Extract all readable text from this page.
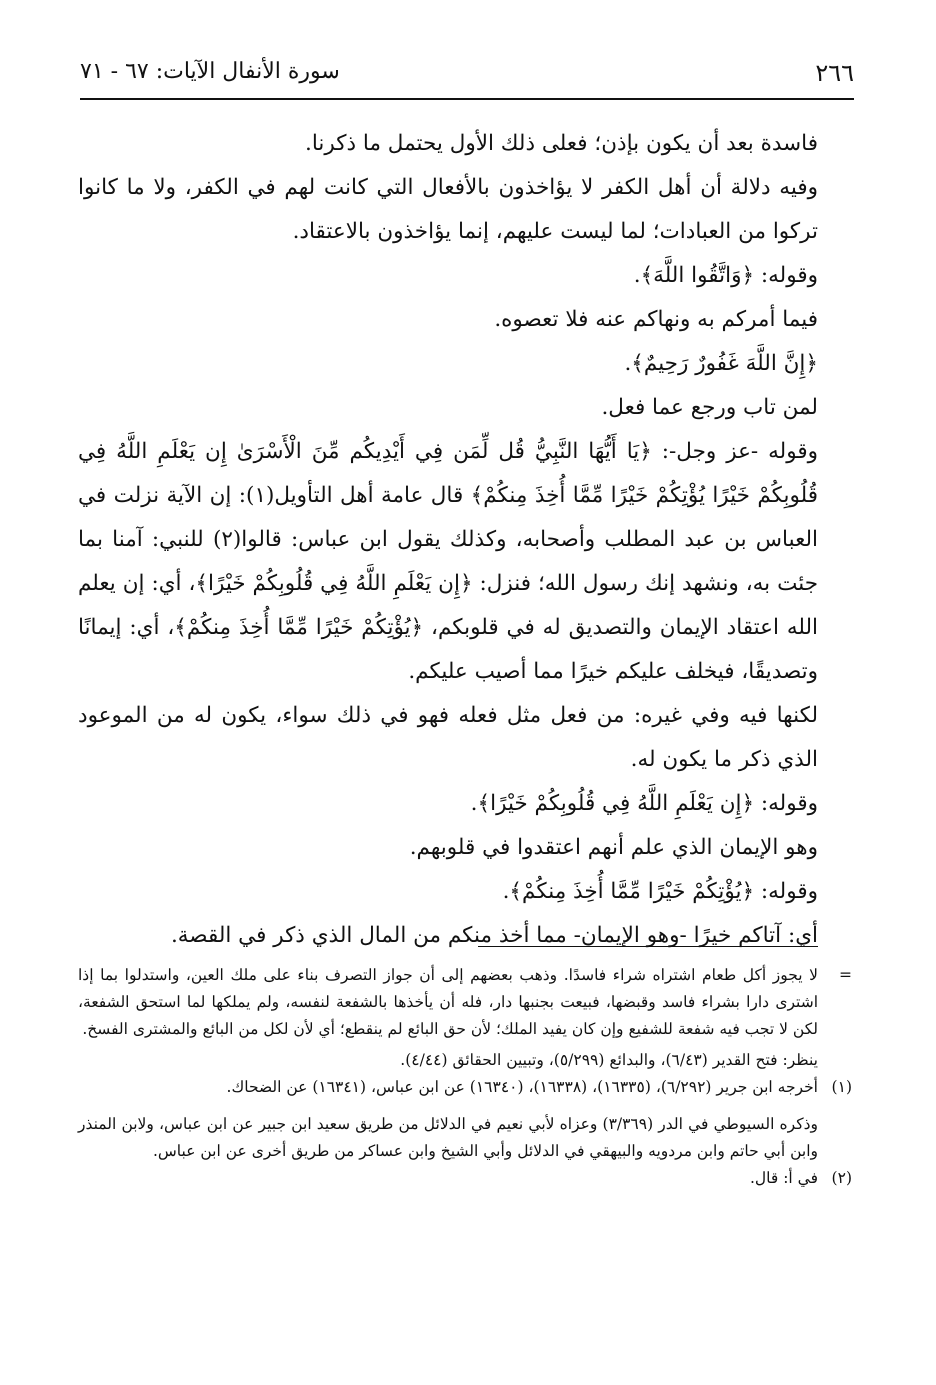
٢٦٦
سورة الأنفال الآيات: ٦٧ - ٧١

فاسدة بعد أن يكون بإذن؛ فعلى ذلك الأول يحتمل ما ذكرنا.

وفيه دلالة أن أهل الكفر لا يؤاخذون بالأفعال التي كانت لهم في الكفر، ولا ما كانوا تركوا من العبادات؛ لما ليست عليهم، إنما يؤاخذون بالاعتقاد.

وقوله: ﴿وَاتَّقُوا اللَّهَ﴾.

فيما أمركم به ونهاكم عنه فلا تعصوه.

﴿إِنَّ اللَّهَ غَفُورٌ رَحِيمٌ﴾.

لمن تاب ورجع عما فعل.

وقوله -عز وجل-: ﴿يَا أَيُّهَا النَّبِيُّ قُل لِّمَن فِي أَيْدِيكُم مِّنَ الْأَسْرَىٰ إِن يَعْلَمِ اللَّهُ فِي قُلُوبِكُمْ خَيْرًا يُؤْتِكُمْ خَيْرًا مِّمَّا أُخِذَ مِنكُمْ﴾ قال عامة أهل التأويل(١): إن الآية نزلت في العباس بن عبد المطلب وأصحابه، وكذلك يقول ابن عباس: قالوا(٢) للنبي: آمنا بما جئت به، ونشهد إنك رسول الله؛ فنزل: ﴿إِن يَعْلَمِ اللَّهُ فِي قُلُوبِكُمْ خَيْرًا﴾، أي: إن يعلم الله اعتقاد الإيمان والتصديق له في قلوبكم، ﴿يُؤْتِكُمْ خَيْرًا مِّمَّا أُخِذَ مِنكُمْ﴾، أي: إيمانًا وتصديقًا، فيخلف عليكم خيرًا مما أصيب عليكم.

لكنها فيه وفي غيره: من فعل مثل فعله فهو في ذلك سواء، يكون له من الموعود الذي ذكر ما يكون له.

وقوله: ﴿إِن يَعْلَمِ اللَّهُ فِي قُلُوبِكُمْ خَيْرًا﴾.

وهو الإيمان الذي علم أنهم اعتقدوا في قلوبهم.

وقوله: ﴿يُؤْتِكُمْ خَيْرًا مِّمَّا أُخِذَ مِنكُمْ﴾.

أي: آتاكم خيرًا -وهو الإيمان- مما أخذ منكم من المال الذي ذكر في القصة.

=
لا يجوز أكل طعام اشتراه شراء فاسدًا. وذهب بعضهم إلى أن جواز التصرف بناء على ملك العين، واستدلوا بما إذا اشترى دارا بشراء فاسد وقبضها، فبيعت بجنبها دار، فله أن يأخذها بالشفعة لنفسه، ولم يملكها لما استحق الشفعة، لكن لا تجب فيه شفعة للشفيع وإن كان يفيد الملك؛ لأن حق البائع لم ينقطع؛ أي لأن لكل من البائع والمشترى الفسخ.
ينظر: فتح القدير (٦/٤٣)، والبدائع (٥/٢٩٩)، وتبيين الحقائق (٤/٤٤).
(١)
أخرجه ابن جرير (٦/٢٩٢)، (١٦٣٣٥)، (١٦٣٣٨)، (١٦٣٤٠) عن ابن عباس، (١٦٣٤١) عن الضحاك.
وذكره السيوطي في الدر (٣/٣٦٩) وعزاه لأبي نعيم في الدلائل من طريق سعيد ابن جبير عن ابن عباس، ولابن المنذر وابن أبي حاتم وابن مردويه والبيهقي في الدلائل وأبي الشيخ وابن عساكر من طريق أخرى عن ابن عباس.
(٢)
في أ: قال.
